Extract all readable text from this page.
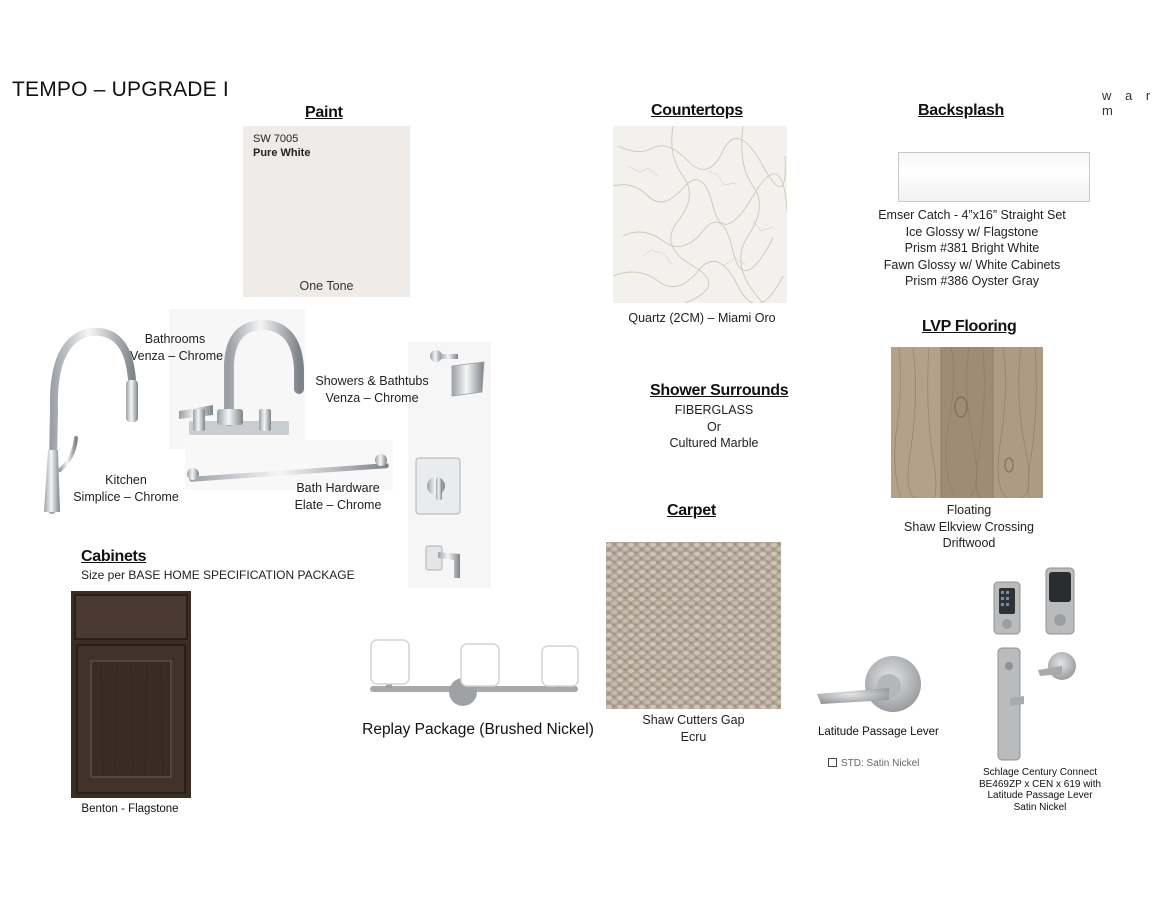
TEMPO – UPGRADE I	w a r m
Paint
SW 7005
Pure White
One Tone
Countertops
Quartz (2CM) – Miami Oro
Backsplash
Emser Catch - 4”x16” Straight Set
Ice Glossy w/ Flagstone
Prism #381 Bright White
Fawn Glossy w/ White Cabinets
Prism #386 Oyster Gray
LVP Flooring
Floating
Shaw Elkview Crossing
Driftwood
Shower Surrounds
FIBERGLASS
Or
Cultured Marble
Carpet
Shaw Cutters Gap
Ecru
Bathrooms
Venza – Chrome
Showers & Bathtubs
Venza – Chrome
Kitchen
Simplice – Chrome
Bath Hardware
Elate – Chrome
Cabinets
Size per BASE HOME SPECIFICATION PACKAGE
Benton - Flagstone
Replay Package (Brushed Nickel)	Latitude Passage Lever
STD: Satin Nickel
Schlage Century Connect
BE469ZP x CEN x 619 with
Latitude Passage Lever
Satin Nickel
